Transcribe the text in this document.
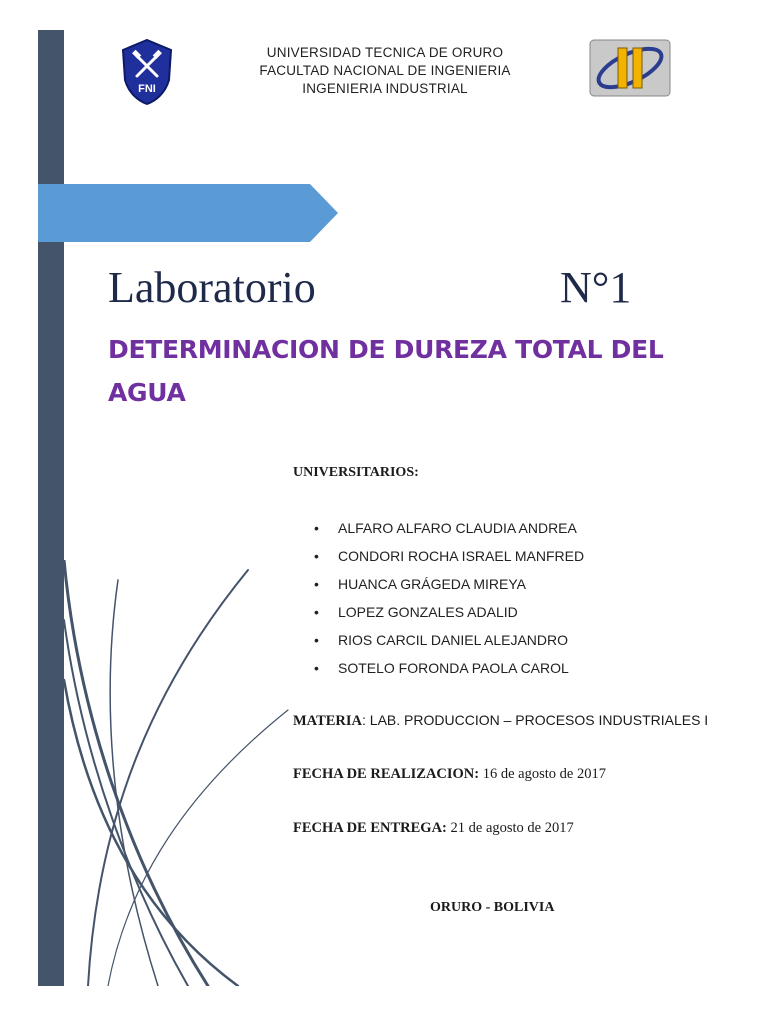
FNI
UNIVERSIDAD TECNICA DE ORURO
FACULTAD NACIONAL DE INGENIERIA
INGENIERIA INDUSTRIAL
Laboratorio	N°1
DETERMINACION DE DUREZA TOTAL DEL
AGUA
UNIVERSITARIOS:
• ALFARO ALFARO CLAUDIA ANDREA
• CONDORI ROCHA ISRAEL MANFRED
• HUANCA GRÁGEDA MIREYA
• LOPEZ GONZALES ADALID
• RIOS CARCIL DANIEL ALEJANDRO
• SOTELO FORONDA PAOLA CAROL
MATERIA: LAB. PRODUCCION – PROCESOS INDUSTRIALES I
FECHA DE REALIZACION: 16 de agosto de 2017
FECHA DE ENTREGA: 21 de agosto de 2017
ORURO - BOLIVIA
